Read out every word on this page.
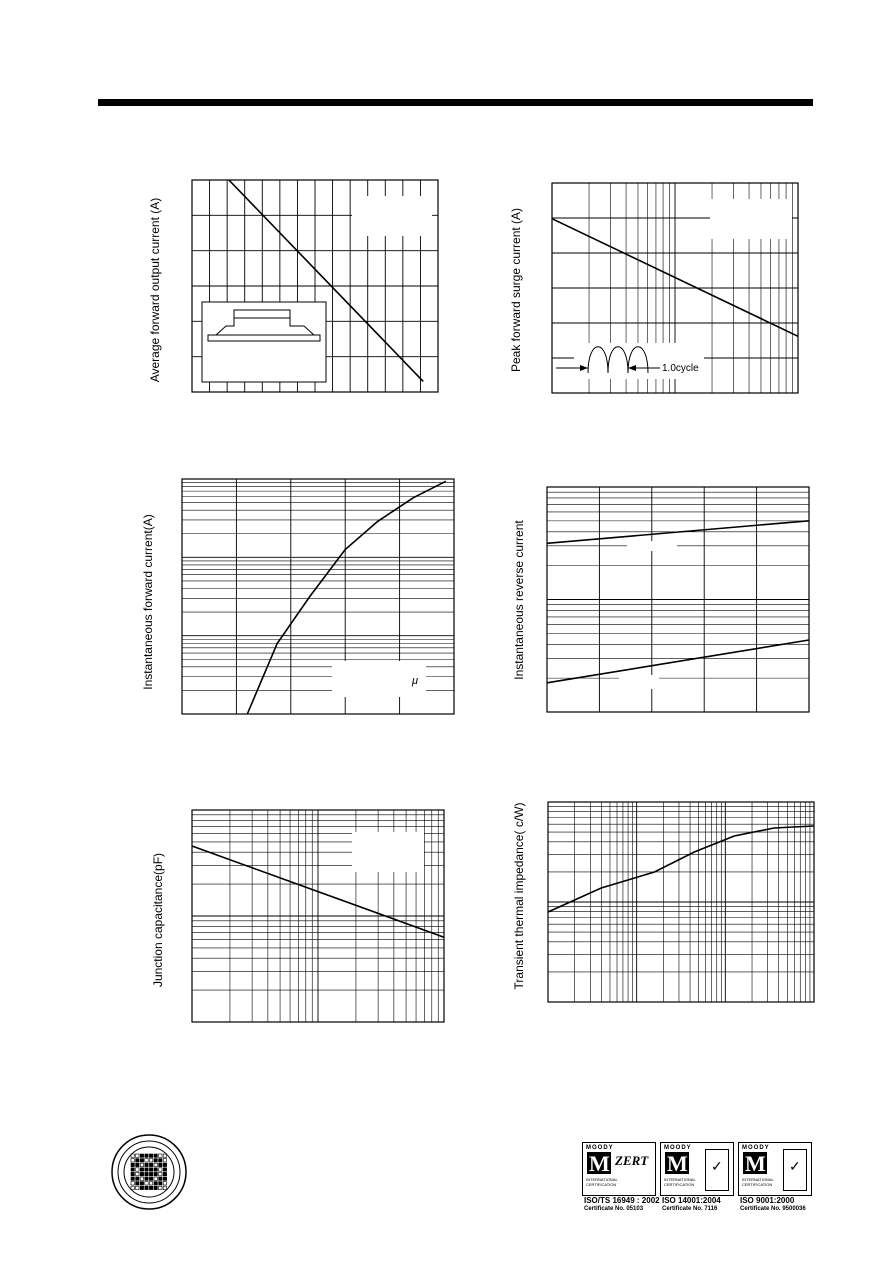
Average forward output current (A)	Peak forward surge current (A)
Instantaneous forward current(A)	Instantaneous reverse current
Junction capacitance(pF)	Transient thermal impedance( c/W)
1.0cycle
μ
MOODY
M
ZERT
INTERNATIONAL
CERTIFICATION
MOODY
M
✓
INTERNATIONAL
CERTIFICATION
MOODY
M
✓
INTERNATIONAL
CERTIFICATION
ISO/TS 16949 : 2002 ISO 14001:2004 ISO 9001:2000
Certificate No. 05103	Certificate No. 7116	Certificate No. 9500036
